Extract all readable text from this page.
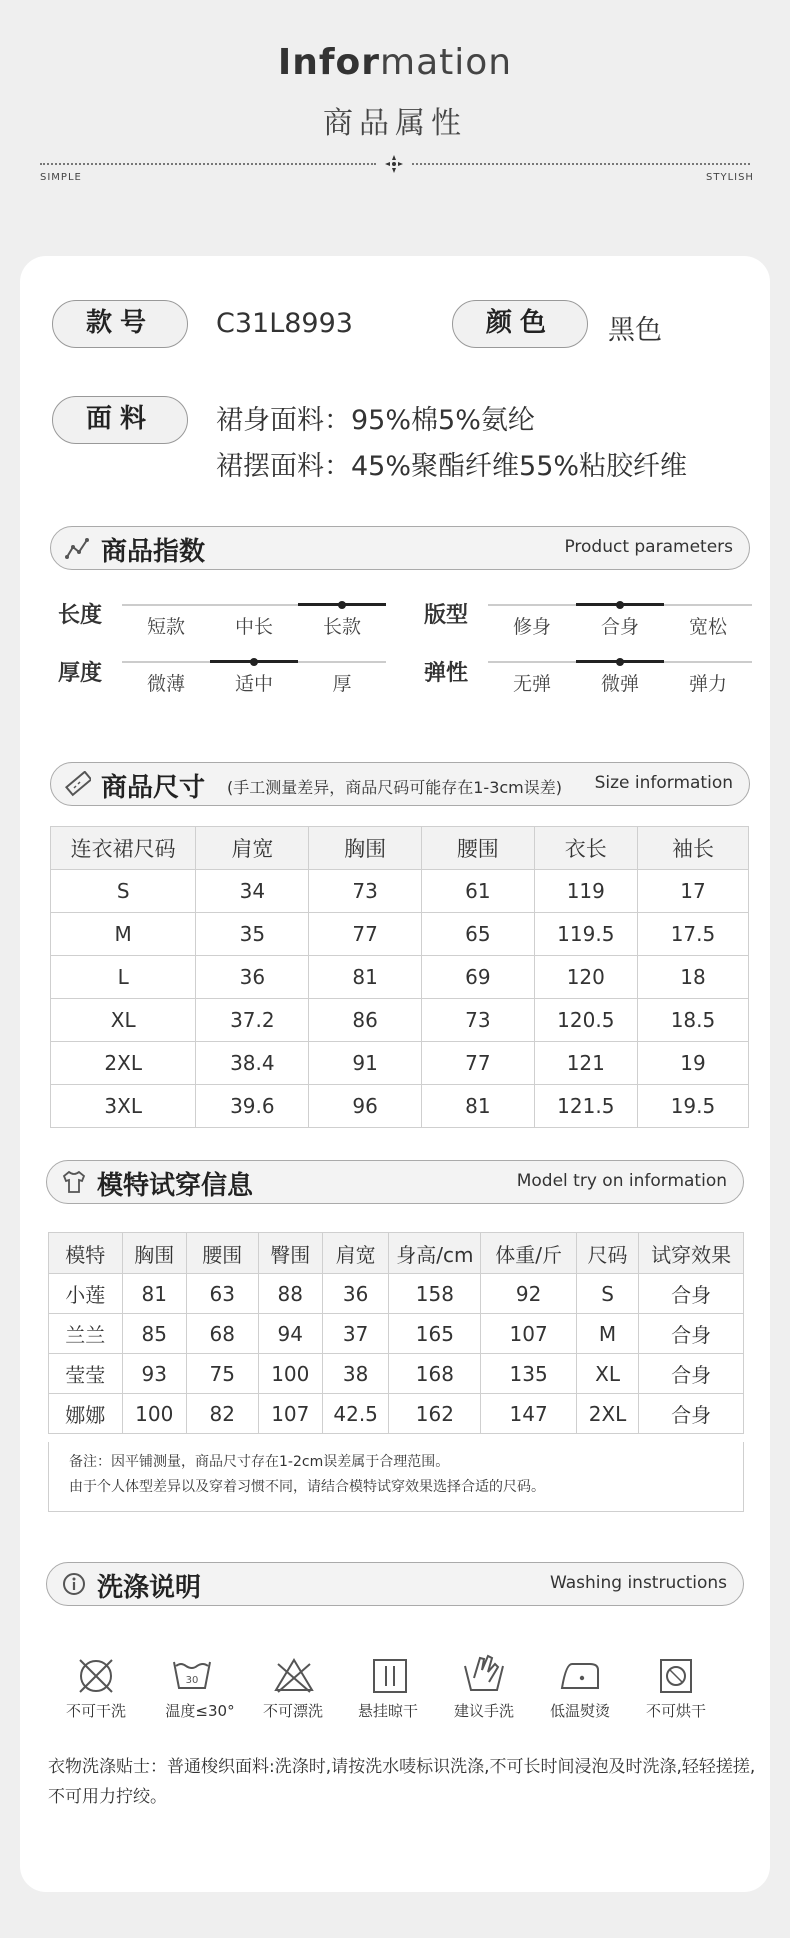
Information
商品属性
SIMPLE	STYLISH
款号	C31L8993	颜色	黑色
面料	裙身面料：95%棉5%氨纶
裙摆面料：45%聚酯纤维55%粘胶纤维
商品指数	Product parameters
长度	短款	中长	长款	版型	修身	合身	宽松
厚度	微薄	适中	厚	弹性	无弹	微弹	弹力
商品尺寸 (手工测量差异，商品尺码可能存在1-3cm误差) Size information
连衣裙尺码	肩宽	胸围	腰围	衣长	袖长
S	34	73	61	119	17
M	35	77	65	119.5	17.5
L	36	81	69	120	18
XL	37.2	86	73	120.5	18.5
2XL	38.4	91	77	121	19
3XL	39.6	96	81	121.5	19.5
模特试穿信息	Model try on information
模特	胸围	腰围	臀围	肩宽	身高/cm	体重/斤	尺码	试穿效果
小莲	81	63	88	36	158	92	S	合身
兰兰	85	68	94	37	165	107	M	合身
莹莹	93	75	100	38	168	135	XL	合身
娜娜	100	82	107	42.5	162	147	2XL	合身
备注：因平铺测量，商品尺寸存在1-2cm误差属于合理范围。
由于个人体型差异以及穿着习惯不同，请结合模特试穿效果选择合适的尺码。
洗涤说明	Washing instructions
30
不可干洗	温度≤30°	不可漂洗	悬挂晾干	建议手洗	低温熨烫	不可烘干
衣物洗涤贴士：普通梭织面料:洗涤时,请按洗水唛标识洗涤,不可长时间浸泡及时洗涤,轻轻搓搓,不可用力拧绞。
